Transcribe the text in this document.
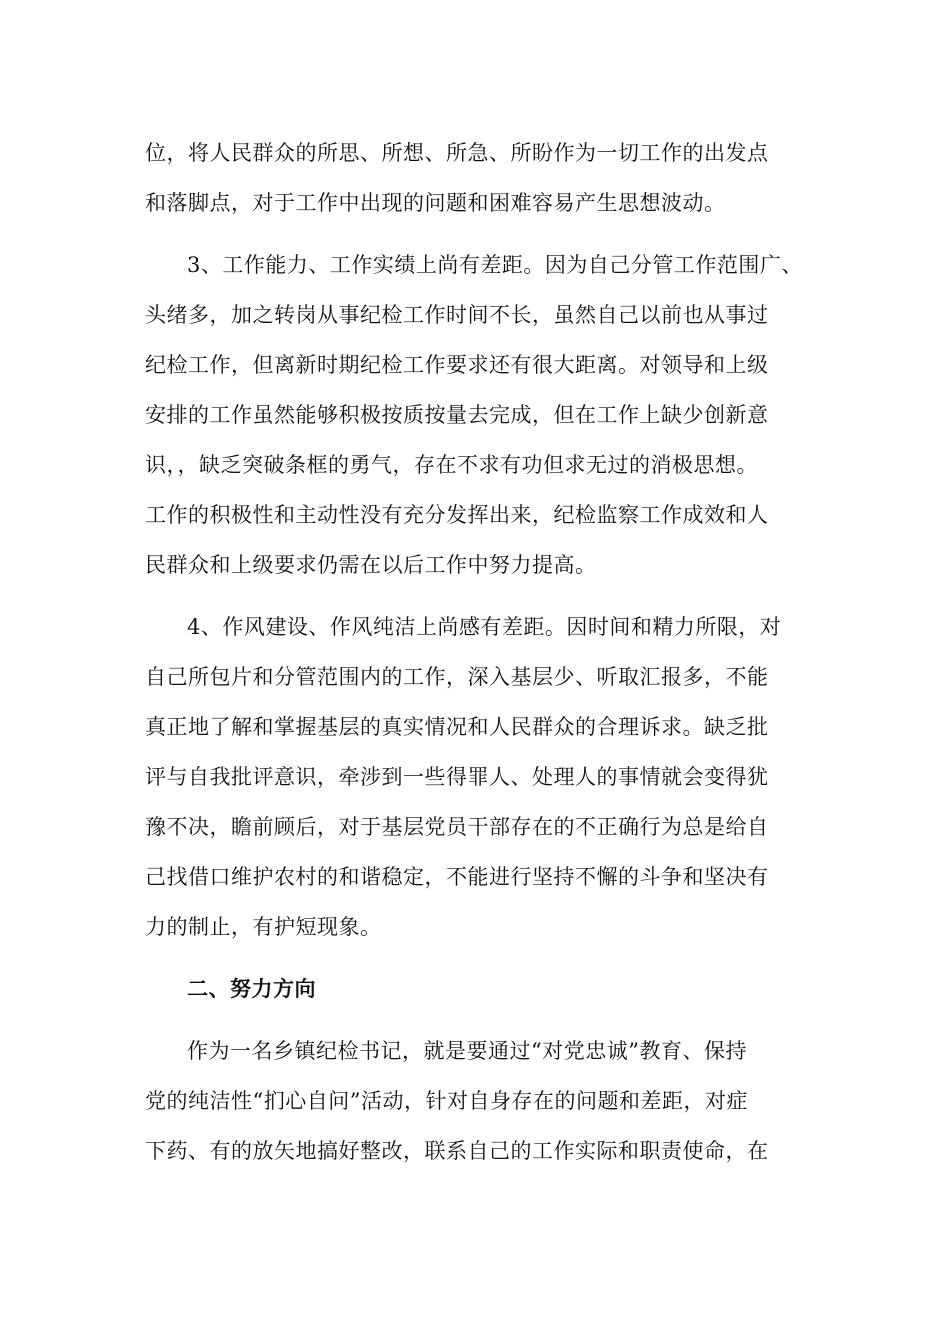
位，将人民群众的所思、所想、所急、所盼作为一切工作的出发点
和落脚点，对于工作中出现的问题和困难容易产生思想波动。
3、工作能力、工作实绩上尚有差距。因为自己分管工作范围广、
头绪多，加之转岗从事纪检工作时间不长，虽然自己以前也从事过
纪检工作，但离新时期纪检工作要求还有很大距离。对领导和上级
安排的工作虽然能够积极按质按量去完成，但在工作上缺少创新意
识，，缺乏突破条框的勇气，存在不求有功但求无过的消极思想。
工作的积极性和主动性没有充分发挥出来，纪检监察工作成效和人
民群众和上级要求仍需在以后工作中努力提高。
4、作风建设、作风纯洁上尚感有差距。因时间和精力所限，对
自己所包片和分管范围内的工作，深入基层少、听取汇报多，不能
真正地了解和掌握基层的真实情况和人民群众的合理诉求。缺乏批
评与自我批评意识，牵涉到一些得罪人、处理人的事情就会变得犹
豫不决，瞻前顾后，对于基层党员干部存在的不正确行为总是给自
己找借口维护农村的和谐稳定，不能进行坚持不懈的斗争和坚决有
力的制止，有护短现象。
二、努力方向
作为一名乡镇纪检书记，就是要通过“对党忠诚”教育、保持
党的纯洁性“扪心自问”活动，针对自身存在的问题和差距，对症
下药、有的放矢地搞好整改，联系自己的工作实际和职责使命，在
